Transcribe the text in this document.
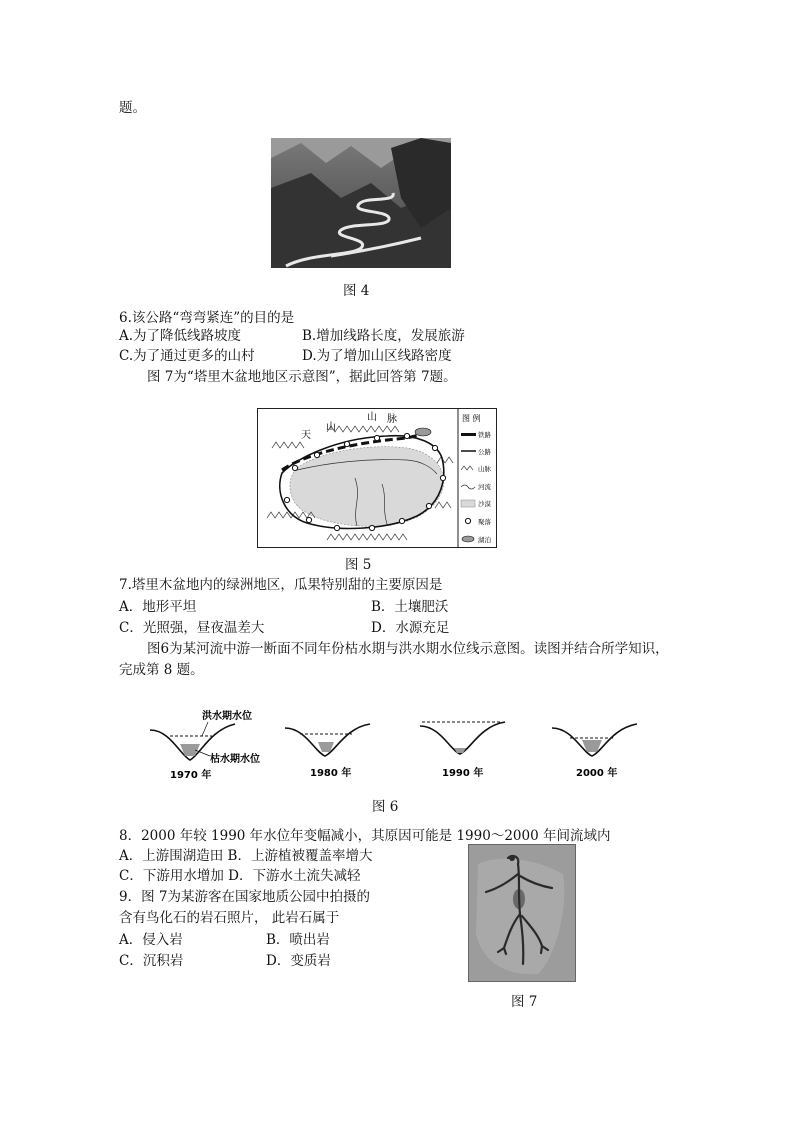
题。
图 4
6.该公路“弯弯紧连”的目的是
A.为了降低线路坡度	B.增加线路长度，发展旅游
C.为了通过更多的山村	D.为了增加山区线路密度
图 7为“塔里木盆地地区示意图”，据此回答第 7题。
天
山
山 脉	图 例
铁路
公路
山脉
河流
沙漠
聚落
湖泊
图 5
7.塔里木盆地内的绿洲地区，瓜果特别甜的主要原因是
A．地形平坦	B．土壤肥沃
C．光照强，昼夜温差大	D．水源充足
图6为某河流中游一断面不同年份枯水期与洪水期水位线示意图。读图并结合所学知识，
完成第 8 题。
洪水期水位
枯水期水位
1970 年	1980 年	1990 年	2000 年
图 6
8．2000 年较 1990 年水位年变幅减小，其原因可能是 1990～2000 年间流域内
A．上游围湖造田 B．上游植被覆盖率增大
C．下游用水增加 D．下游水土流失减轻
9．图 7为某游客在国家地质公园中拍摄的
含有鸟化石的岩石照片， 此岩石属于
A．侵入岩	B．喷出岩
C．沉积岩	D．变质岩
图 7
